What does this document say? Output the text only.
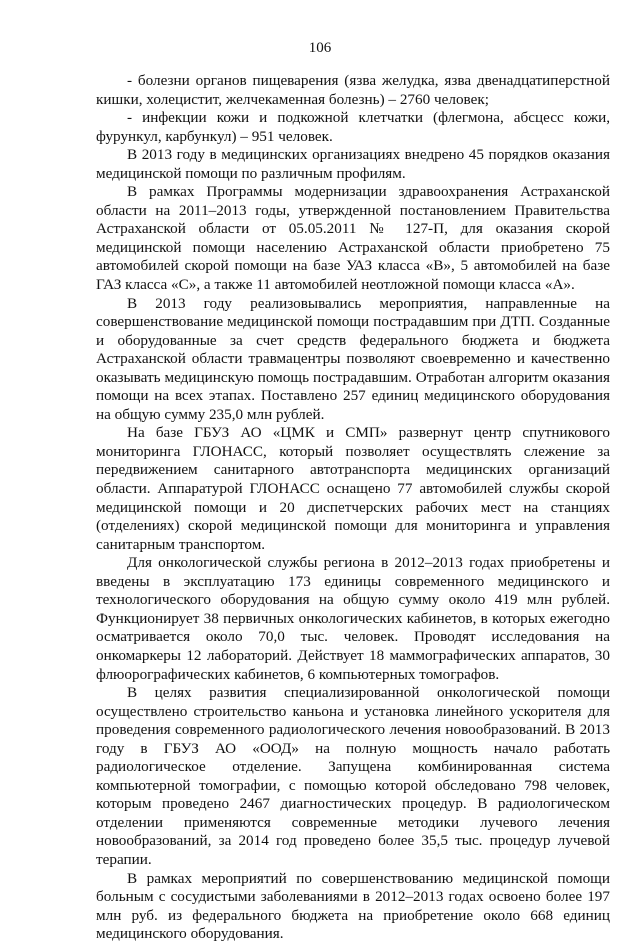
106

- болезни органов пищеварения (язва желудка, язва двенадцатиперстной кишки, холецистит, желчекаменная болезнь) – 2760 человек;

- инфекции кожи и подкожной клетчатки (флегмона, абсцесс кожи, фурункул, карбункул) – 951 человек.

В 2013 году в медицинских организациях внедрено 45 порядков оказания медицинской помощи по различным профилям.

В рамках Программы модернизации здравоохранения Астраханской области на 2011–2013 годы, утвержденной постановлением Правительства Астраханской области от 05.05.2011 № 127-П, для оказания скорой медицинской помощи населению Астраханской области приобретено 75 автомобилей скорой помощи на базе УАЗ класса «В», 5 автомобилей на базе ГАЗ класса «С», а также 11 автомобилей неотложной помощи класса «А».

В 2013 году реализовывались мероприятия, направленные на совершенствование медицинской помощи пострадавшим при ДТП. Созданные и оборудованные за счет средств федерального бюджета и бюджета Астраханской области травмацентры позволяют своевременно и качественно оказывать медицинскую помощь пострадавшим. Отработан алгоритм оказания помощи на всех этапах. Поставлено 257 единиц медицинского оборудования на общую сумму 235,0 млн рублей.

На базе ГБУЗ АО «ЦМК и СМП» развернут центр спутникового мониторинга ГЛОНАСС, который позволяет осуществлять слежение за передвижением санитарного автотранспорта медицинских организаций области. Аппаратурой ГЛОНАСС оснащено 77 автомобилей службы скорой медицинской помощи и 20 диспетчерских рабочих мест на станциях (отделениях) скорой медицинской помощи для мониторинга и управления санитарным транспортом.

Для онкологической службы региона в 2012–2013 годах приобретены и введены в эксплуатацию 173 единицы современного медицинского и технологического оборудования на общую сумму около 419 млн рублей. Функционирует 38 первичных онкологических кабинетов, в которых ежегодно осматривается около 70,0 тыс. человек. Проводят исследования на онкомаркеры 12 лабораторий. Действует 18 маммографических аппаратов, 30 флюорографических кабинетов, 6 компьютерных томографов.

В целях развития специализированной онкологической помощи осуществлено строительство каньона и установка линейного ускорителя для проведения современного радиологического лечения новообразований. В 2013 году в ГБУЗ АО «ООД» на полную мощность начало работать радиологическое отделение. Запущена комбинированная система компьютерной томографии, с помощью которой обследовано 798 человек, которым проведено 2467 диагностических процедур. В радиологическом отделении применяются современные методики лучевого лечения новообразований, за 2014 год проведено более 35,5 тыс. процедур лучевой терапии.

В рамках мероприятий по совершенствованию медицинской помощи больным с сосудистыми заболеваниями в 2012–2013 годах освоено более 197 млн руб. из федерального бюджета на приобретение около 668 единиц медицинского оборудования.
